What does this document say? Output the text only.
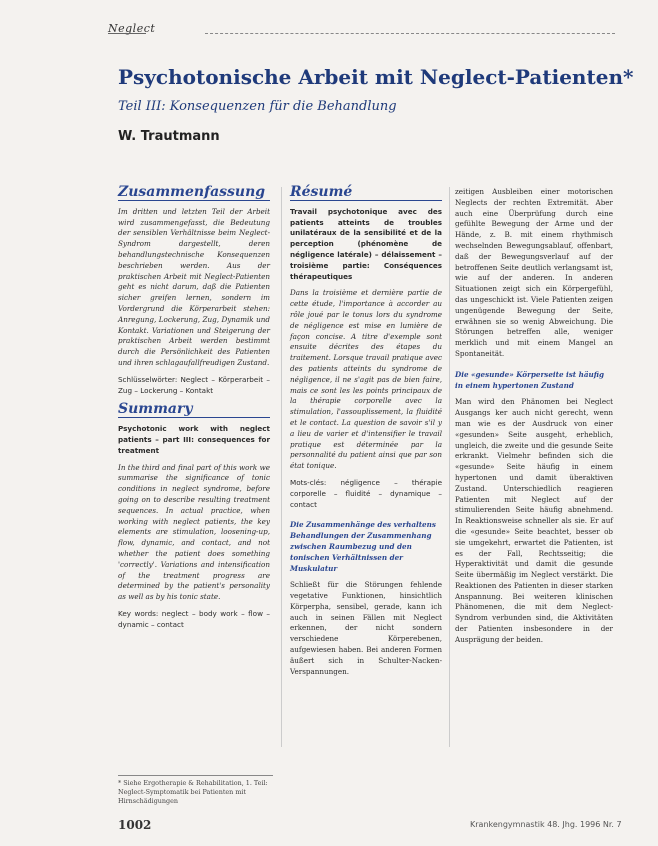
Neglect
Psychotonische Arbeit mit Neglect-Patienten*
Teil III: Konsequenzen für die Behandlung
W. Trautmann
Zusammenfassung

Im dritten und letzten Teil der Arbeit wird zusammengefasst, die Bedeutung der sensiblen Verhältnisse beim Neglect-Syndrom dargestellt, deren behandlungstechnische Konsequenzen beschrieben werden. Aus der praktischen Arbeit mit Neglect-Patienten geht es nicht darum, daß die Patienten sicher greifen lernen, sondern im Vordergrund die Körperarbeit stehen: Anregung, Lockerung, Zug, Dynamik und Kontakt. Variationen und Steigerung der praktischen Arbeit werden bestimmt durch die Persönlichkeit des Patienten und ihren schlagaufallfreudigen Zustand.

Schlüsselwörter: Neglect – Körperarbeit – Zug – Lockerung – Kontakt

Summary

Psychotonic work with neglect patients – part III: consequences for treatment

In the third and final part of this work we summarise the significance of tonic conditions in neglect syndrome, before going on to describe resulting treatment sequences. In actual practice, when working with neglect patients, the key elements are stimulation, loosening-up, flow, dynamic, and contact, and not whether the patient does something 'correctly'. Variations and intensification of the treatment progress are determined by the patient's personality as well as by his tonic state.

Key words: neglect – body work – flow – dynamic – contact

Résumé

Travail psychotonique avec des patients atteints de troubles unilatéraux de la sensibilité et de la perception (phénomène de négligence latérale) – délaissement – troisième partie: Conséquences thérapeutiques

Dans la troisième et dernière partie de cette étude, l'importance à accorder au rôle joué par le tonus lors du syndrome de négligence est mise en lumière de façon concise. A titre d'exemple sont ensuite décrites des étapes du traitement. Lorsque travail pratique avec des patients atteints du syndrome de négligence, il ne s'agit pas de bien faire, mais ce sont les les points principaux de la thérapie corporelle avec la stimulation, l'assouplissement, la fluidité et le contact. La question de savoir s'il y a lieu de varier et d'intensifier le travail pratique est déterminée par la personnalité du patient ainsi que par son état tonique.

Mots-clés: négligence – thérapie corporelle – fluidité – dynamique – contact

Die Zusammenhänge des verhaltens Behandlungen der Zusammenhang zwischen Raumbezug und den tonischen Verhältnissen der Muskulatur

Schließt für die Störungen fehlende vegetative Funktionen, hinsichtlich Körperpha, sensibel, gerade, kann ich auch in seinen Fällen mit Neglect erkennen, der nicht sondern verschiedene Körperebenen, aufgewiesen haben. Bei anderen Formen äußert sich in Schulter-Nacken-Verspannungen.

zeitigen Ausbleiben einer motorischen Neglects der rechten Extremität. Aber auch eine Überprüfung durch eine gefühlte Bewegung der Arme und der Hände, z. B. mit einem rhythmisch wechselnden Bewegungsablauf, offenbart, daß der Bewegungsverlauf auf der betroffenen Seite deutlich verlangsamt ist, wie auf der anderen. In anderen Situationen zeigt sich ein Körpergefühl, das ungeschickt ist. Viele Patienten zeigen ungenügende Bewegung der Seite, erwähnen sie so wenig Abweichung. Die Störungen betreffen alle, weniger merklich und mit einem Mangel an Spontaneität.

Die «gesunde» Körperseite ist häufig in einem hypertonen Zustand

Man wird den Phänomen bei Neglect Ausgangs ker auch nicht gerecht, wenn man wie es der Ausdruck von einer «gesunden» Seite ausgeht, erheblich, ungleich, die zweite und die gesunde Seite erkrankt. Vielmehr befinden sich die «gesunde» Seite häufig in einem hypertonen und damit überaktiven Zustand. Unterschiedlich reagieren Patienten mit Neglect auf der stimulierenden Seite häufig abnehmend. In Reaktionsweise schneller als sie. Er auf die «gesunde» Seite beachtet, besser ob sie umgekehrt, erwartet die Patienten, ist es der Fall, Rechtsseitig; die Hyperaktivität und damit die gesunde Seite übermäßig im Neglect verstärkt. Die Reaktionen des Patienten in dieser starken Anspannung. Bei weiteren klinischen Phänomenen, die mit dem Neglect-Syndrom verbunden sind, die Aktivitäten der Patienten insbesondere in der Ausprägung der beiden.

* Siehe Ergotherapie & Rehabilitation, 1. Teil: Neglect-Symptomatik bei Patienten mit Hirnschädigungen
1002	Krankengymnastik 48. Jhg. 1996 Nr. 7
